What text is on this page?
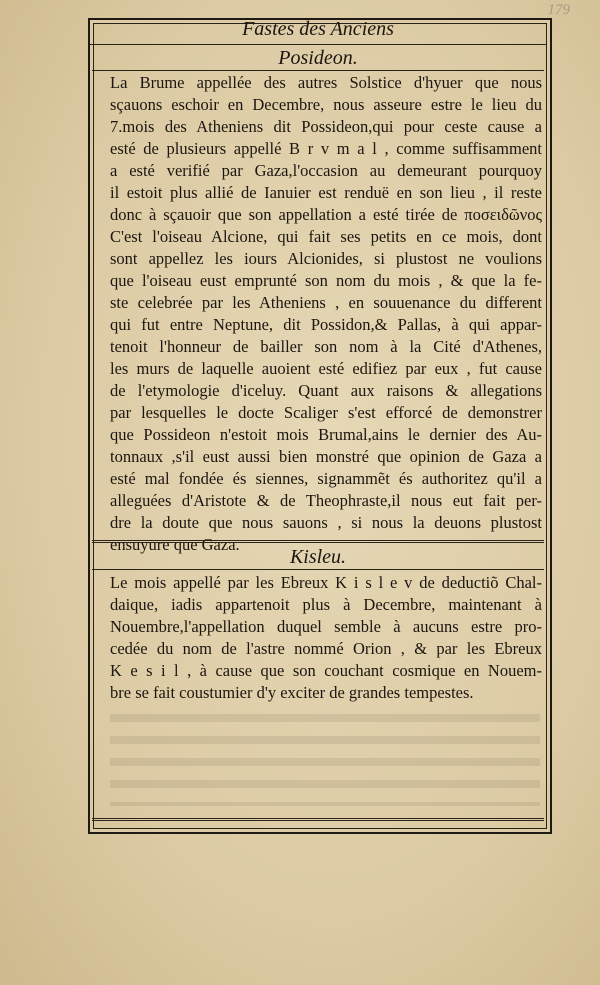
179
Fastes des Anciens
Posideon.
La Brume appellée des autres Solstice d'hyuer que nous
sçauons eschoir en Decembre, nous asseure estre le lieu du
7.mois des Atheniens dit Possideon,qui pour ceste cause a
esté de plusieurs appellé B r v m a l , comme suffisamment
a esté verifié par Gaza,l'occasion au demeurant pourquoy
il estoit plus allié de Ianuier est renduë en son lieu , il reste
donc à sçauoir que son appellation a esté tirée de ποσειδῶνος
C'est l'oiseau Alcione, qui fait ses petits en ce mois, dont
sont appellez les iours Alcionides, si plustost ne voulions
que l'oiseau eust emprunté son nom du mois , & que la fe-
ste celebrée par les Atheniens , en souuenance du different
qui fut entre Neptune, dit Possidon,& Pallas, à qui appar-
tenoit l'honneur de bailler son nom à la Cité d'Athenes,
les murs de laquelle auoient esté edifiez par eux , fut cause
de l'etymologie d'iceluy. Quant aux raisons & allegations
par lesquelles le docte Scaliger s'est efforcé de demonstrer
que Possideon n'estoit mois Brumal,ains le dernier des Au-
tonnaux ,s'il eust aussi bien monstré que opinion de Gaza a
esté mal fondée és siennes, signammẽt és authoritez qu'il a
alleguées d'Aristote & de Theophraste,il nous eut fait per-
dre la doute que nous sauons , si nous la deuons plustost
ensuyure que Gaza.
Kisleu.
Le mois appellé par les Ebreux K i s l e v de deductiõ Chal-
daique, iadis appartenoit plus à Decembre, maintenant à
Nouembre,l'appellation duquel semble à aucuns estre pro-
cedée du nom de l'astre nommé Orion , & par les Ebreux
K e s i l , à cause que son couchant cosmique en Nouem-
bre se fait coustumier d'y exciter de grandes tempestes.
